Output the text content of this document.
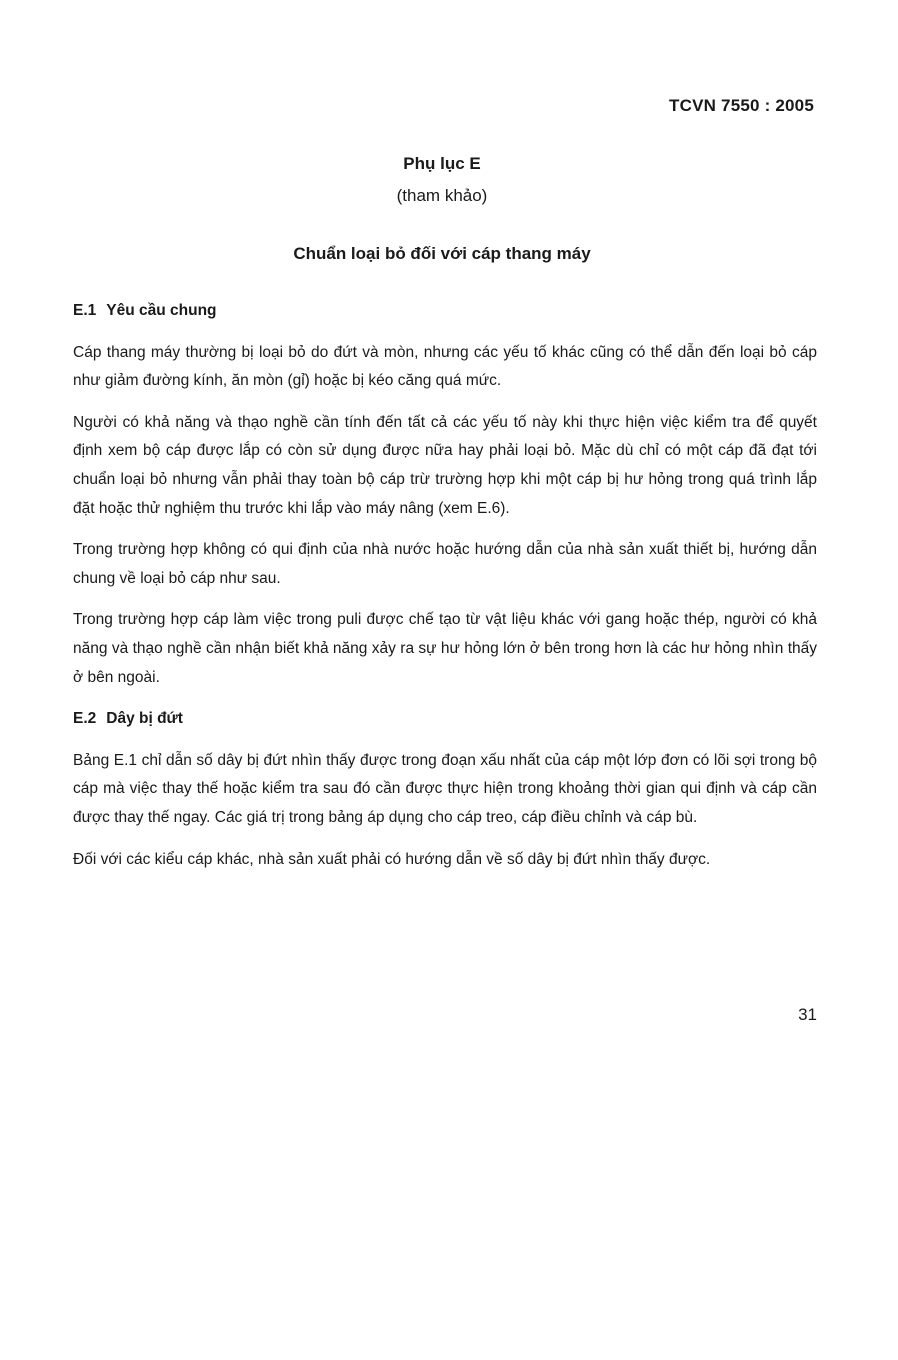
TCVN 7550 : 2005
Phụ lục E
(tham khảo)
Chuẩn loại bỏ đối với cáp thang máy
E.1 Yêu cầu chung

Cáp thang máy thường bị loại bỏ do đứt và mòn, nhưng các yếu tố khác cũng có thể dẫn đến loại bỏ cáp như giảm đường kính, ăn mòn (gỉ) hoặc bị kéo căng quá mức.

Người có khả năng và thạo nghề cần tính đến tất cả các yếu tố này khi thực hiện việc kiểm tra để quyết định xem bộ cáp được lắp có còn sử dụng được nữa hay phải loại bỏ. Mặc dù chỉ có một cáp đã đạt tới chuẩn loại bỏ nhưng vẫn phải thay toàn bộ cáp trừ trường hợp khi một cáp bị hư hỏng trong quá trình lắp đặt hoặc thử nghiệm thu trước khi lắp vào máy nâng (xem E.6).

Trong trường hợp không có qui định của nhà nước hoặc hướng dẫn của nhà sản xuất thiết bị, hướng dẫn chung về loại bỏ cáp như sau.

Trong trường hợp cáp làm việc trong puli được chế tạo từ vật liệu khác với gang hoặc thép, người có khả năng và thạo nghề cần nhận biết khả năng xảy ra sự hư hỏng lớn ở bên trong hơn là các hư hỏng nhìn thấy ở bên ngoài.

E.2 Dây bị đứt

Bảng E.1 chỉ dẫn số dây bị đứt nhìn thấy được trong đoạn xấu nhất của cáp một lớp đơn có lõi sợi trong bộ cáp mà việc thay thế hoặc kiểm tra sau đó cần được thực hiện trong khoảng thời gian qui định và cáp cần được thay thế ngay. Các giá trị trong bảng áp dụng cho cáp treo, cáp điều chỉnh và cáp bù.

Đối với các kiểu cáp khác, nhà sản xuất phải có hướng dẫn về số dây bị đứt nhìn thấy được.

31
